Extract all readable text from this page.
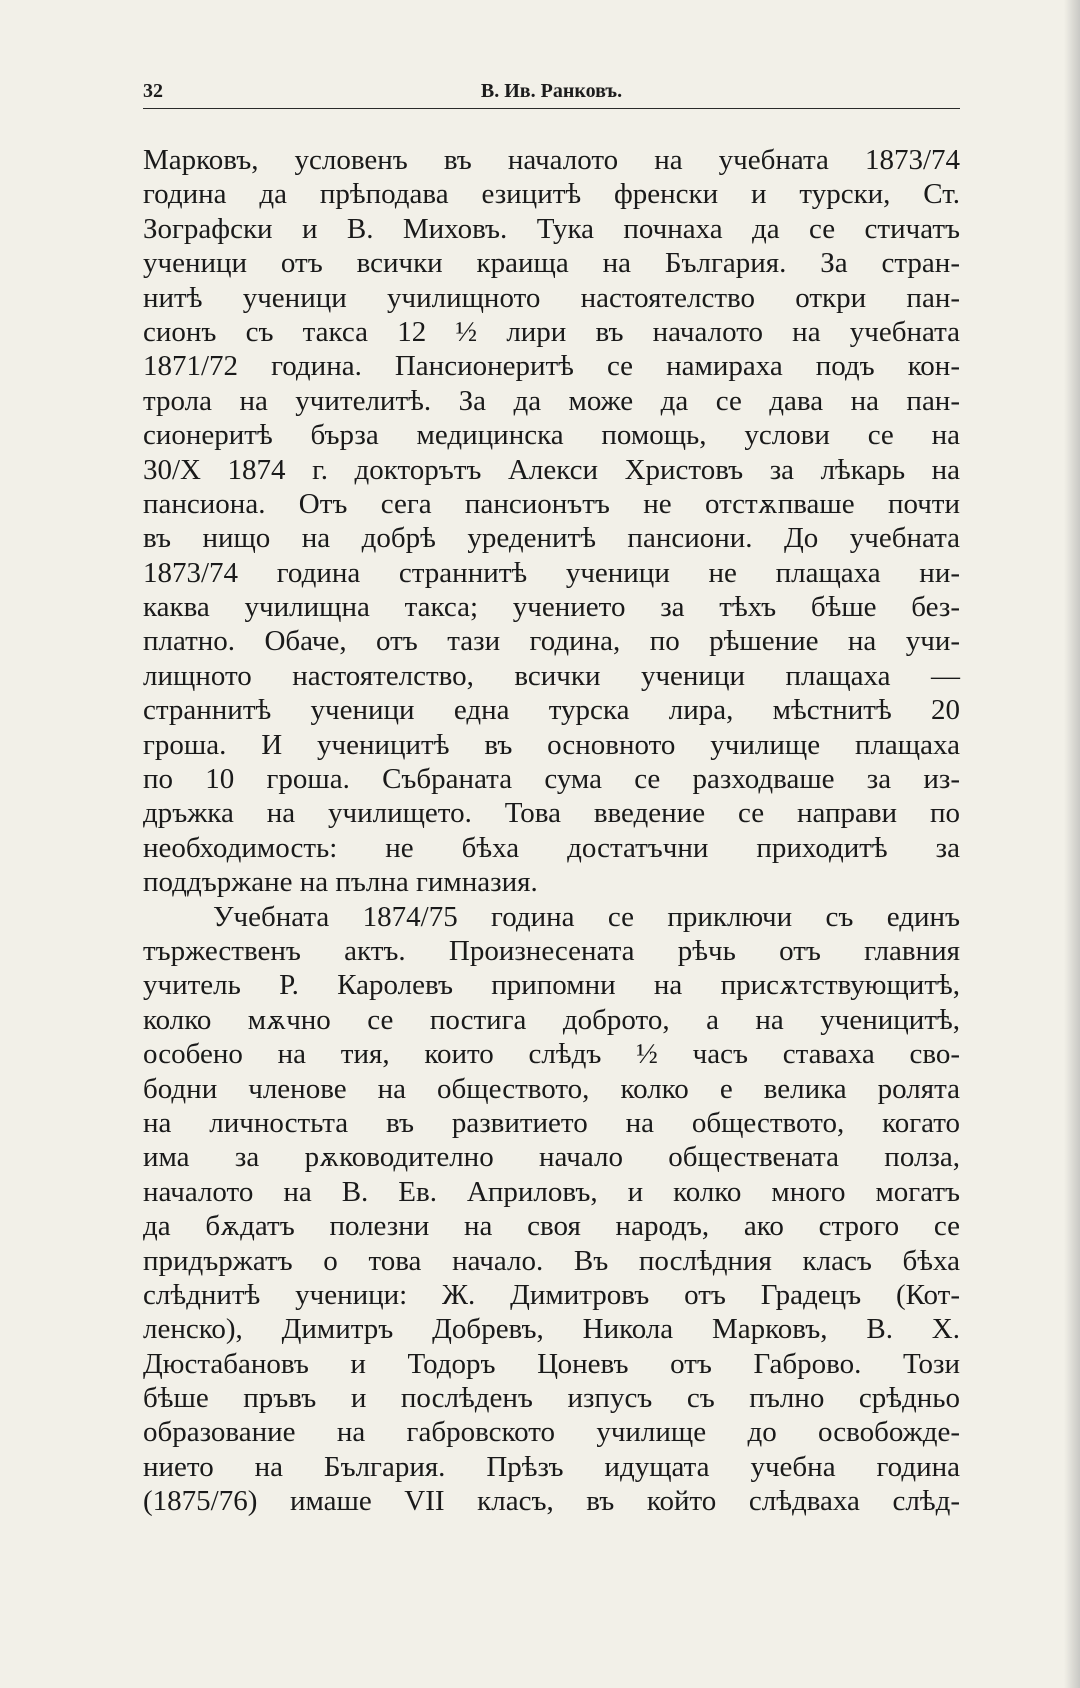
32	В. Ив. Ранковъ.
Марковъ, условенъ въ началото на учебната 1873/74
година да прѣподава езицитѣ френски и турски, Ст.
Зографски и В. Миховъ. Тука почнаха да се стичатъ
ученици отъ всички краища на България. За стран-
нитѣ ученици училищното настоятелство откри пан-
сионъ съ такса 12 ½ лири въ началото на учебната
1871/72 година. Пансионеритѣ се намираха подъ кон-
трола на учителитѣ. За да може да се дава на пан-
сионеритѣ бърза медицинска помощь, услови се на
30/X 1874 г. докторътъ Алекси Христовъ за лѣкарь на
пансиона. Отъ сега пансионътъ не отстѫпваше почти
въ нищо на добрѣ уреденитѣ пансиони. До учебната
1873/74 година страннитѣ ученици не плащаха ни-
каква училищна такса; учението за тѣхъ бѣше без-
платно. Обаче, отъ тази година, по рѣшение на учи-
лищното настоятелство, всички ученици плащаха —
страннитѣ ученици една турска лира, мѣстнитѣ 20
гроша. И ученицитѣ въ основното училище плащаха
по 10 гроша. Събраната сума се разходваше за из-
дръжка на училището. Това введение се направи по
необходимость: не бѣха достатъчни приходитѣ за
поддържане на пълна гимназия.
Учебната 1874/75 година се приключи съ единъ
тържественъ актъ. Произнесената рѣчь отъ главния
учитель Р. Каролевъ припомни на присѫтствующитѣ,
колко мѫчно се постига доброто, а на ученицитѣ,
особено на тия, които слѣдъ ½ часъ ставаха сво-
бодни членове на обществото, колко е велика ролята
на личностьта въ развитието на обществото, когато
има за рѫководително начало обществената полза,
началото на В. Ев. Априловъ, и колко много могатъ
да бѫдатъ полезни на своя народъ, ако строго се
придържатъ о това начало. Въ послѣдния класъ бѣха
слѣднитѣ ученици: Ж. Димитровъ отъ Градецъ (Кот-
ленско), Димитръ Добревъ, Никола Марковъ, В. Х.
Дюстабановъ и Тодоръ Цоневъ отъ Габрово. Този
бѣше пръвъ и послѣденъ изпусъ съ пълно срѣдньо
образование на габровското училище до освобожде-
нието на България. Прѣзъ идущата учебна година
(1875/76) имаше VII класъ, въ който слѣдваха слѣд-
